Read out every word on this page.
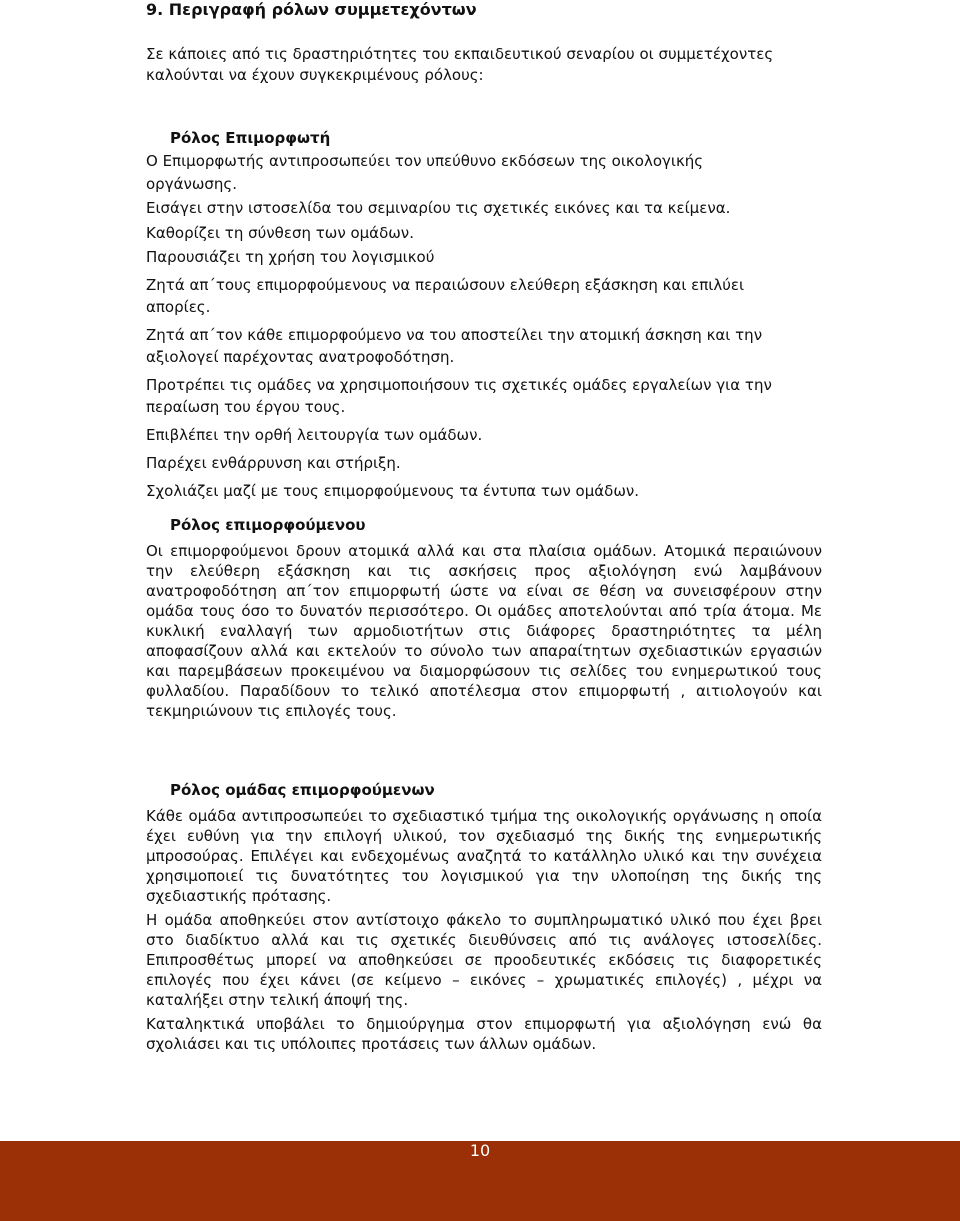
9. Περιγραφή ρόλων συμμετεχόντων

Σε κάποιες από τις δραστηριότητες του εκπαιδευτικού σεναρίου οι συμμετέχοντες καλούνται να έχουν συγκεκριμένους ρόλους:

Ρόλος Επιμορφωτή

Ο Επιμορφωτής αντιπροσωπεύει τον υπεύθυνο εκδόσεων της οικολογικής οργάνωσης.

Εισάγει στην ιστοσελίδα του σεμιναρίου τις σχετικές εικόνες και τα κείμενα.

Καθορίζει τη σύνθεση των ομάδων.

Παρουσιάζει τη χρήση του λογισμικού

Ζητά απ΄τους επιμορφούμενους να περαιώσουν ελεύθερη εξάσκηση και επιλύει απορίες.

Ζητά απ΄τον κάθε επιμορφούμενο να του αποστείλει την ατομική άσκηση και την αξιολογεί παρέχοντας ανατροφοδότηση.

Προτρέπει τις ομάδες να χρησιμοποιήσουν τις σχετικές ομάδες εργαλείων για την περαίωση του έργου τους.

Επιβλέπει την ορθή λειτουργία των ομάδων.

Παρέχει ενθάρρυνση και στήριξη.

Σχολιάζει μαζί με τους επιμορφούμενους τα έντυπα των ομάδων.

Ρόλος επιμορφούμενου

Οι επιμορφούμενοι δρουν ατομικά αλλά και στα πλαίσια ομάδων. Ατομικά περαιώνουν την ελεύθερη εξάσκηση και τις ασκήσεις προς αξιολόγηση ενώ λαμβάνουν ανατροφοδότηση απ΄τον επιμορφωτή ώστε να είναι σε θέση να συνεισφέρουν στην ομάδα τους όσο το δυνατόν περισσότερο. Οι ομάδες αποτελούνται από τρία άτομα. Με κυκλική εναλλαγή των αρμοδιοτήτων στις διάφορες δραστηριότητες τα μέλη αποφασίζουν αλλά και εκτελούν το σύνολο των απαραίτητων σχεδιαστικών εργασιών και παρεμβάσεων προκειμένου να διαμορφώσουν τις σελίδες του ενημερωτικού τους φυλλαδίου. Παραδίδουν το τελικό αποτέλεσμα στον επιμορφωτή , αιτιολογούν και τεκμηριώνουν τις επιλογές τους.

Ρόλος ομάδας επιμορφούμενων

Κάθε ομάδα αντιπροσωπεύει το σχεδιαστικό τμήμα της οικολογικής οργάνωσης η οποία έχει ευθύνη για την επιλογή υλικού, τον σχεδιασμό της δικής της ενημερωτικής μπροσούρας. Επιλέγει και ενδεχομένως αναζητά το κατάλληλο υλικό και την συνέχεια χρησιμοποιεί τις δυνατότητες του λογισμικού για την υλοποίηση της δικής της σχεδιαστικής πρότασης.

Η ομάδα αποθηκεύει στον αντίστοιχο φάκελο το συμπληρωματικό υλικό που έχει βρει στο διαδίκτυο αλλά και τις σχετικές διευθύνσεις από τις ανάλογες ιστοσελίδες. Επιπροσθέτως μπορεί να αποθηκεύσει σε προοδευτικές εκδόσεις τις διαφορετικές επιλογές που έχει κάνει (σε κείμενο – εικόνες – χρωματικές επιλογές) , μέχρι να καταλήξει στην τελική άποψή της.

Καταληκτικά υποβάλει το δημιούργημα στον επιμορφωτή για αξιολόγηση ενώ θα σχολιάσει και τις υπόλοιπες προτάσεις των άλλων ομάδων.

10
